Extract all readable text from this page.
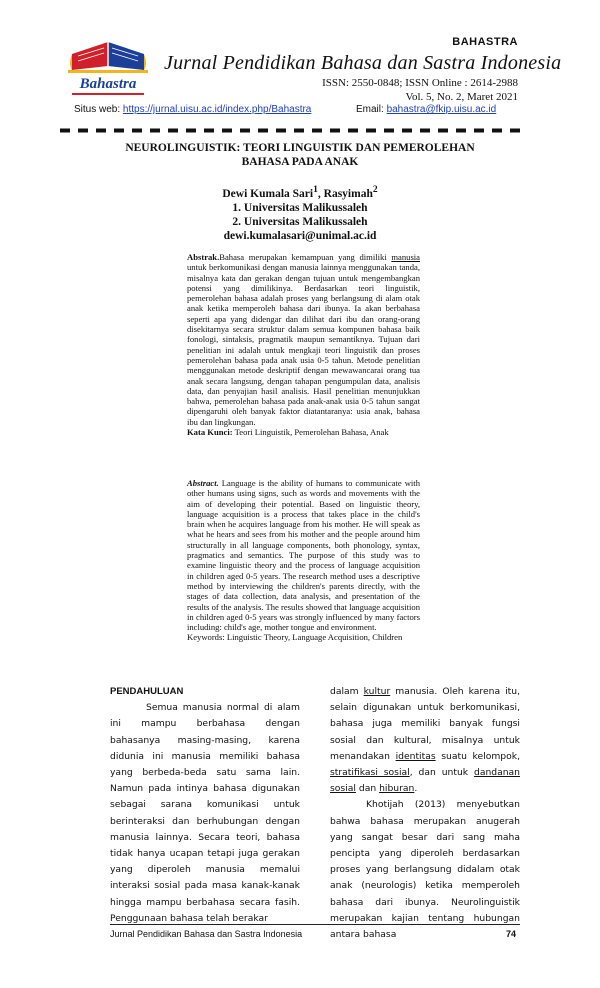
Bahastra
BAHASTRA
Jurnal Pendidikan Bahasa dan Sastra Indonesia
ISSN: 2550-0848; ISSN Online : 2614-2988
Vol. 5, No. 2, Maret 2021
Situs web: https://jurnal.uisu.ac.id/index.php/Bahastra	Email: bahastra@fkip.uisu.ac.id
NEUROLINGUISTIK: TEORI LINGUISTIK DAN PEMEROLEHAN
BAHASA PADA ANAK
Dewi Kumala Sari$^1$, Rasyimah$^2$
1. Universitas Malikussaleh
2. Universitas Malikussaleh
dewi.kumalasari@unimal.ac.id

Abstrak.Bahasa merupakan kemampuan yang dimiliki manusia untuk berkomunikasi dengan manusia lainnya menggunakan tanda, misalnya kata dan gerakan dengan tujuan untuk mengembangkan potensi yang dimilikinya. Berdasarkan teori linguistik, pemerolehan bahasa adalah proses yang berlangsung di alam otak anak ketika memperoleh bahasa dari ibunya. Ia akan berbahasa seperti apa yang didengar dan dilihat dari ibu dan orang-orang disekitarnya secara struktur dalam semua kompunen bahasa baik fonologi, sintaksis, pragmatik maupun semantiknya. Tujuan dari penelitian ini adalah untuk mengkaji teori linguistik dan proses pemerolehan bahasa pada anak usia 0-5 tahun. Metode penelitian menggunakan metode deskriptif dengan mewawancarai orang tua anak secara langsung, dengan tahapan pengumpulan data, analisis data, dan penyajian hasil analisis. Hasil penelitian menunjukkan bahwa, pemerolehan bahasa pada anak-anak usia 0-5 tahun sangat dipengaruhi oleh banyak faktor diatantaranya: usia anak, bahasa ibu dan lingkungan.

Kata Kunci: Teori Linguistik, Pemerolehan Bahasa, Anak

Abstract. Language is the ability of humans to communicate with other humans using signs, such as words and movements with the aim of developing their potential. Based on linguistic theory, language acquisition is a process that takes place in the child's brain when he acquires language from his mother. He will speak as what he hears and sees from his mother and the people around him structurally in all language components, both phonology, syntax, pragmatics and semantics. The purpose of this study was to examine linguistic theory and the process of language acquisition in children aged 0-5 years. The research method uses a descriptive method by interviewing the children's parents directly, with the stages of data collection, data analysis, and presentation of the results of the analysis. The results showed that language acquisition in children aged 0-5 years was strongly influenced by many factors including: child's age, mother tongue and environment.

Keywords: Linguistic Theory, Language Acquisition, Children

PENDAHULUAN

Semua manusia normal di alam ini mampu berbahasa dengan bahasanya masing-masing, karena didunia ini manusia memiliki bahasa yang berbeda-beda satu sama lain. Namun pada intinya bahasa digunakan sebagai sarana komunikasi untuk berinteraksi dan berhubungan dengan manusia lainnya. Secara teori, bahasa tidak hanya ucapan tetapi juga gerakan yang diperoleh manusia memalui interaksi sosial pada masa kanak-kanak hingga mampu berbahasa secara fasih. Penggunaan bahasa telah berakar

dalam kultur manusia. Oleh karena itu, selain digunakan untuk berkomunikasi, bahasa juga memiliki banyak fungsi sosial dan kultural, misalnya untuk menandakan identitas suatu kelompok, stratifikasi sosial, dan untuk dandanan sosial dan hiburan.

Khotijah (2013) menyebutkan bahwa bahasa merupakan anugerah yang sangat besar dari sang maha pencipta yang diperoleh berdasarkan proses yang berlangsung didalam otak anak (neurologis) ketika memperoleh bahasa dari ibunya. Neurolinguistik merupakan kajian tentang hubungan antara bahasa

Jurnal Pendidikan Bahasa dan Sastra Indonesia	74
